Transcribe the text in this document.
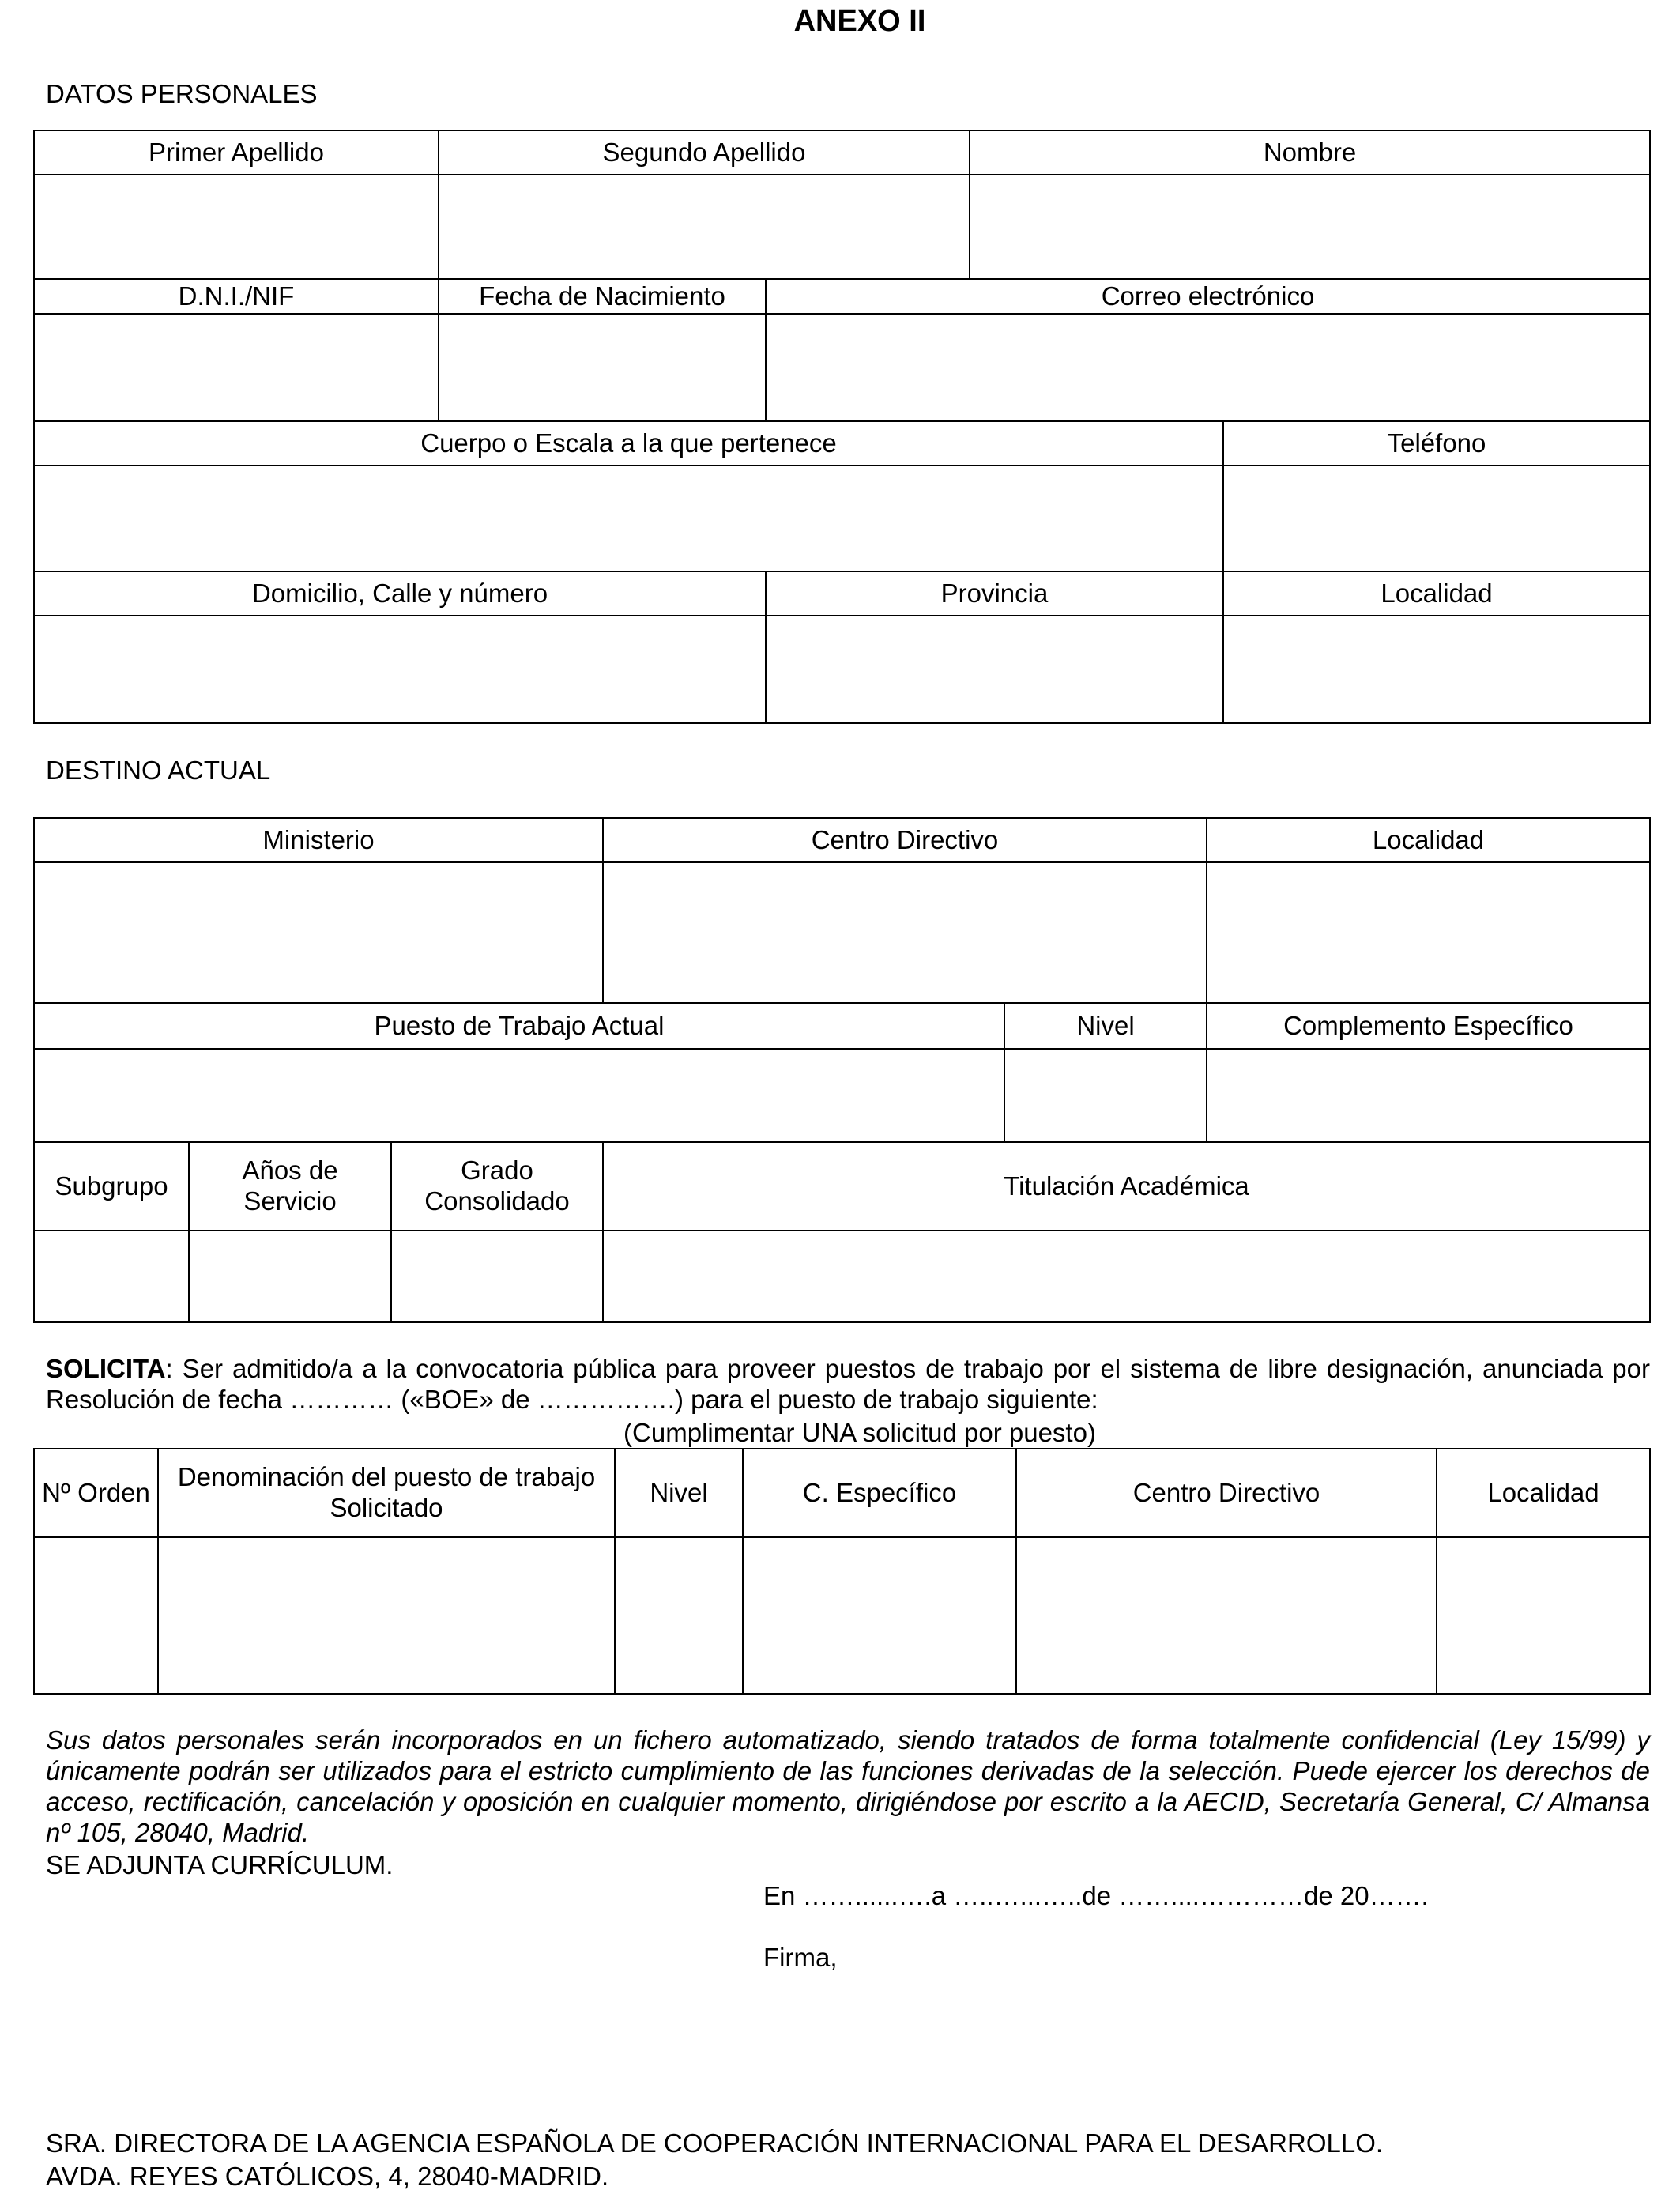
ANEXO II
DATOS PERSONALES
Primer Apellido	Segundo Apellido	Nombre

D.N.I./NIF	Fecha de Nacimiento	Correo electrónico

Cuerpo o Escala a la que pertenece	Teléfono

Domicilio, Calle y número	Provincia	Localidad

DESTINO ACTUAL
Ministerio	Centro Directivo	Localidad

Puesto de Trabajo Actual	Nivel	Complemento Específico

Subgrupo	Años de Servicio	Grado Consolidado	Titulación Académica

SOLICITA: Ser admitido/a a la convocatoria pública para proveer puestos de trabajo por el sistema de libre designación, anunciada por Resolución de fecha ………… («BOE» de …………….) para el puesto de trabajo siguiente:
(Cumplimentar UNA solicitud por puesto)
Nº Orden	Denominación del puesto de trabajo Solicitado	Nivel	C. Específico	Centro Directivo	Localidad

Sus datos personales serán incorporados en un fichero automatizado, siendo tratados de forma totalmente confidencial (Ley 15/99) y únicamente podrán ser utilizados para el estricto cumplimiento de las funciones derivadas de la selección. Puede ejercer los derechos de acceso, rectificación, cancelación y oposición en cualquier momento, dirigiéndose por escrito a la AECID, Secretaría General, C/ Almansa nº 105, 28040, Madrid.
SE ADJUNTA CURRÍCULUM.
En ……......….a …..…...…..de ……....…………de 20…….
Firma,
SRA. DIRECTORA DE LA AGENCIA ESPAÑOLA DE COOPERACIÓN INTERNACIONAL PARA EL DESARROLLO.
AVDA. REYES CATÓLICOS, 4, 28040-MADRID.
